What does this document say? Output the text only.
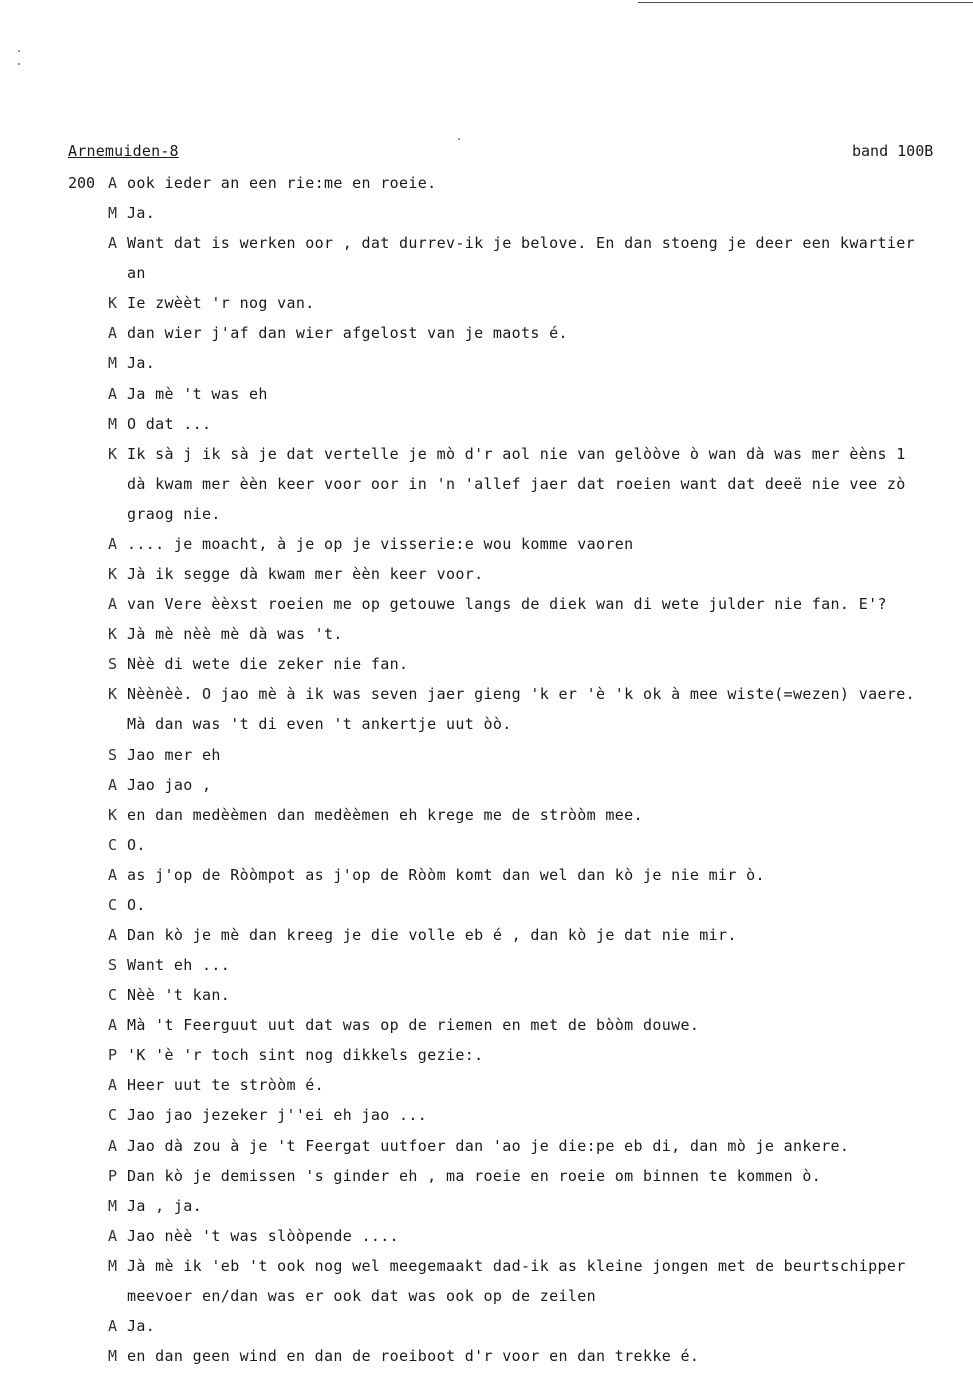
Arnemuiden-8	band 100B
200 A ook ieder an een rie:me en roeie.
M Ja.
A Want dat is werken oor , dat durrev-ik je belove. En dan stoeng je deer een kwartier
an
K Ie zwèèt 'r nog van.
A dan wier j'af dan wier afgelost van je maots é.
M Ja.
A Ja mè 't was eh
M O dat ...
K Ik sà j ik sà je dat vertelle je mò d'r aol nie van gelòòve ò wan dà was mer èèns 1
dà kwam mer èèn keer voor oor in 'n 'allef jaer dat roeien want dat deeë nie vee zò
graog nie.
A .... je moacht, à je op je visserie:e wou komme vaoren
K Jà ik segge dà kwam mer èèn keer voor.
A van Vere èèxst roeien me op getouwe langs de diek wan di wete julder nie fan. E'?
K Jà mè nèè mè dà was 't.
S Nèè di wete die zeker nie fan.
K Nèènèè. O jao mè à ik was seven jaer gieng 'k er 'è 'k ok à mee wiste(=wezen) vaere.
Mà dan was 't di even 't ankertje uut òò.
S Jao mer eh
A Jao jao ,
K en dan medèèmen dan medèèmen eh krege me de stròòm mee.
C O.
A as j'op de Ròòmpot as j'op de Ròòm komt dan wel dan kò je nie mir ò.
C O.
A Dan kò je mè dan kreeg je die volle eb é , dan kò je dat nie mir.
S Want eh ...
C Nèè 't kan.
A Mà 't Feerguut uut dat was op de riemen en met de bòòm douwe.
P 'K 'è 'r toch sint nog dikkels gezie:.
A Heer uut te stròòm é.
C Jao jao jezeker j''ei eh jao ...
A Jao dà zou à je 't Feergat uutfoer dan 'ao je die:pe eb di, dan mò je ankere.
P Dan kò je demissen 's ginder eh , ma roeie en roeie om binnen te kommen ò.
M Ja , ja.
A Jao nèè 't was slòòpende ....
M Jà mè ik 'eb 't ook nog wel meegemaakt dad-ik as kleine jongen met de beurtschipper
meevoer en/dan was er ook dat was ook op de zeilen
A Ja.
M en dan geen wind en dan de roeiboot d'r voor en dan trekke é.
